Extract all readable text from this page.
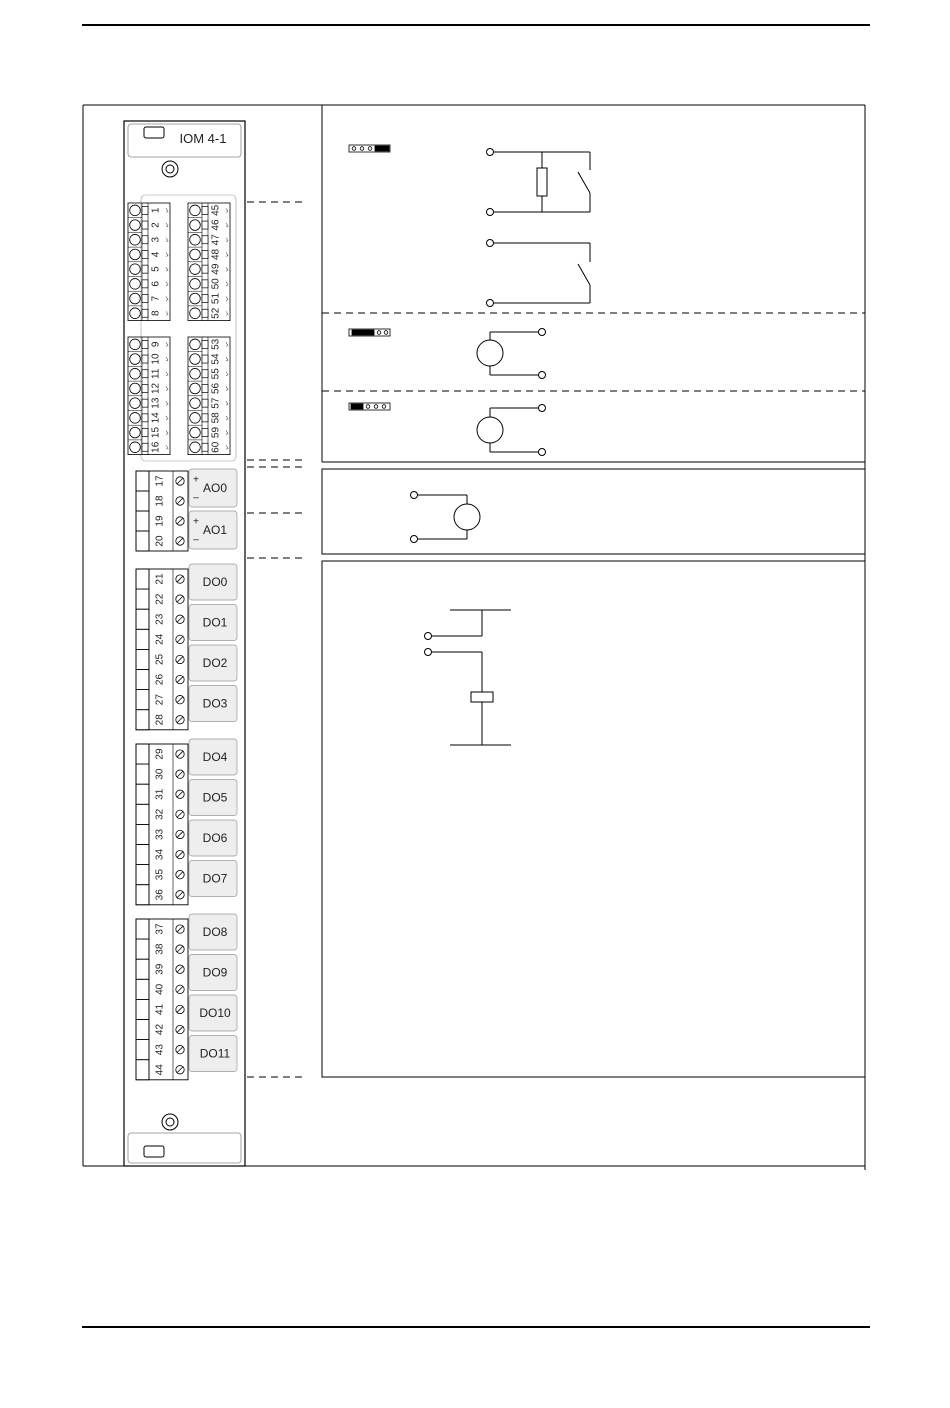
IOM 4-1
1
2
3
4
5
6
7
8
45
46
47
48
49
50
51
52
9
10
11
12
13
14
15
16
53
54
55
56
57
58
59
60
17
18
19
20
21
22
23
24
25
26
27
28
29
30
31
32
33
34
35
36
37
38
39
40
41
42
43
44
AO0
+
–
AO1
+
–
DO0
DO1
DO2
DO3
DO4
DO5
DO6
DO7
DO8
DO9
DO10
DO11
